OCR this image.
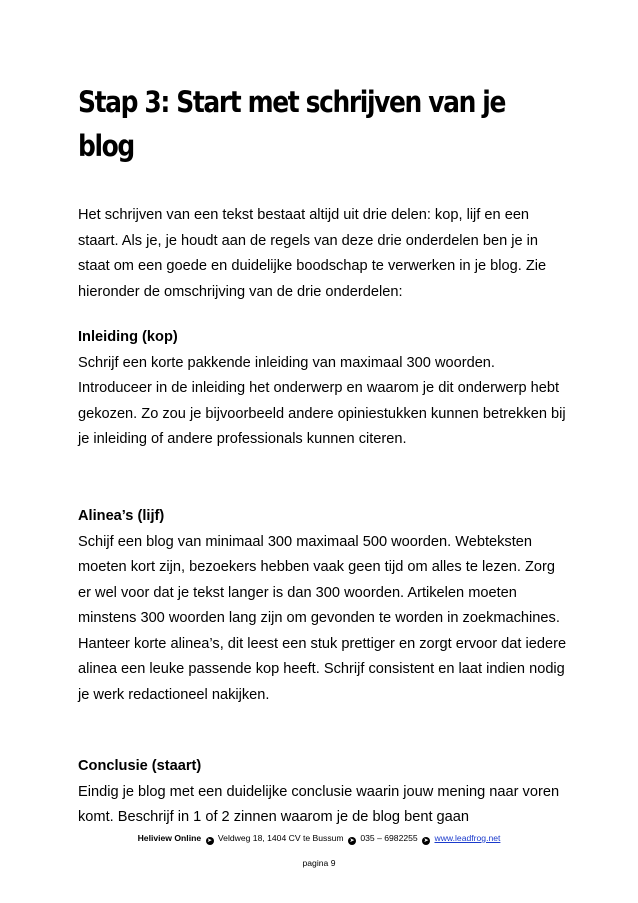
Stap 3: Start met schrijven van je blog

Het schrijven van een tekst bestaat altijd uit drie delen: kop, lijf en een staart. Als je, je houdt aan de regels van deze drie onderdelen ben je in staat om een goede en duidelijke boodschap te verwerken in je blog. Zie hieronder de omschrijving van de drie onderdelen:

Inleiding (kop)

Schrijf een korte pakkende inleiding van maximaal 300 woorden. Introduceer in de inleiding het onderwerp en waarom je dit onderwerp hebt gekozen. Zo zou je bijvoorbeeld andere opiniestukken kunnen betrekken bij je inleiding of andere professionals kunnen citeren.

Alinea’s (lijf)

Schijf een blog van minimaal 300 maximaal 500 woorden. Webteksten moeten kort zijn, bezoekers hebben vaak geen tijd om alles te lezen. Zorg er wel voor dat je tekst langer is dan 300 woorden. Artikelen moeten minstens 300 woorden lang zijn om gevonden te worden in zoekmachines. Hanteer korte alinea’s, dit leest een stuk prettiger en zorgt ervoor dat iedere alinea een leuke passende kop heeft. Schrijf consistent en laat indien nodig je werk redactioneel nakijken.

Conclusie (staart)

Eindig je blog met een duidelijke conclusie waarin jouw mening naar voren komt. Beschrijf in 1 of 2 zinnen waarom je de blog bent gaan

Heliview Online ➤ Veldweg 18, 1404 CV te Bussum ➤ 035 – 6982255 ➤ www.leadfrog.net
pagina 9
